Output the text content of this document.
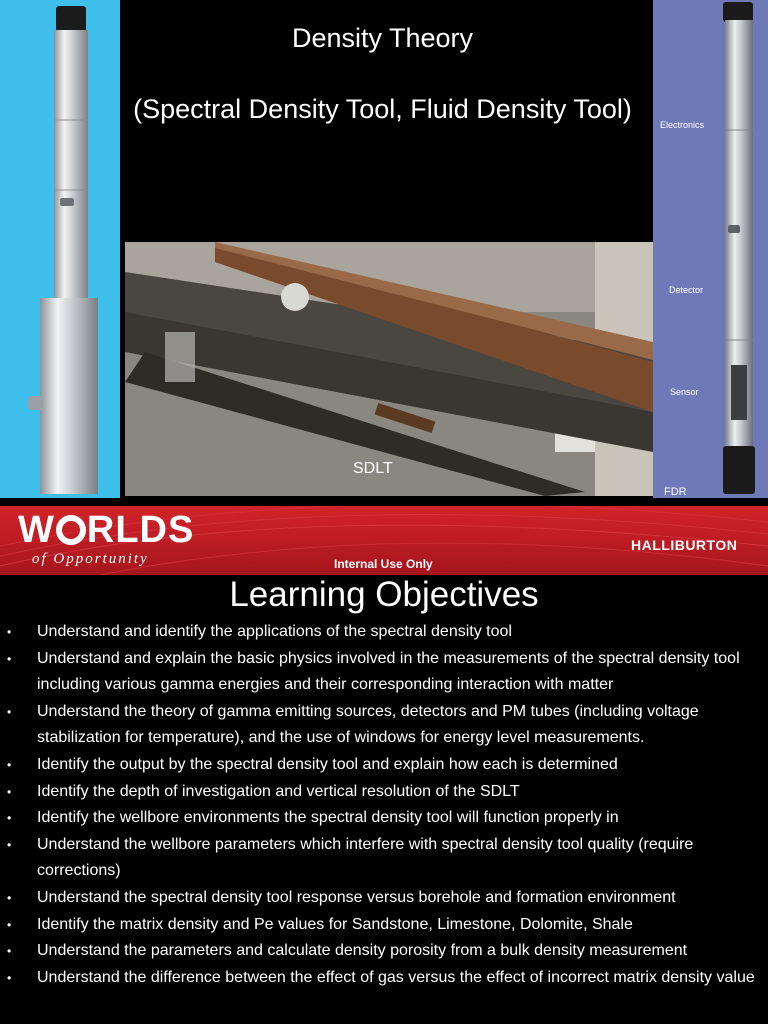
Density Theory
(Spectral Density Tool, Fluid Density Tool)
SDLT
Electronics
Detector
Sensor
FDR
W RLDS
of Opportunity	Internal Use Only
HALLIBURTON
Learning Objectives
• Understand and identify the applications of the spectral density tool
• Understand and explain the basic physics involved in the measurements of the spectral density tool including various gamma energies and their corresponding interaction with matter
• Understand the theory of gamma emitting sources, detectors and PM tubes (including voltage stabilization for temperature), and the use of windows for energy level measurements.
• Identify the output by the spectral density tool and explain how each is determined
• Identify the depth of investigation and vertical resolution of the SDLT
• Identify the wellbore environments the spectral density tool will function properly in
• Understand the wellbore parameters which interfere with spectral density tool quality (require corrections)
• Understand the spectral density tool response versus borehole and formation environment
• Identify the matrix density and Pe values for Sandstone, Limestone, Dolomite, Shale
• Understand the parameters and calculate density porosity from a bulk density measurement
• Understand the difference between the effect of gas versus the effect of incorrect matrix density value
